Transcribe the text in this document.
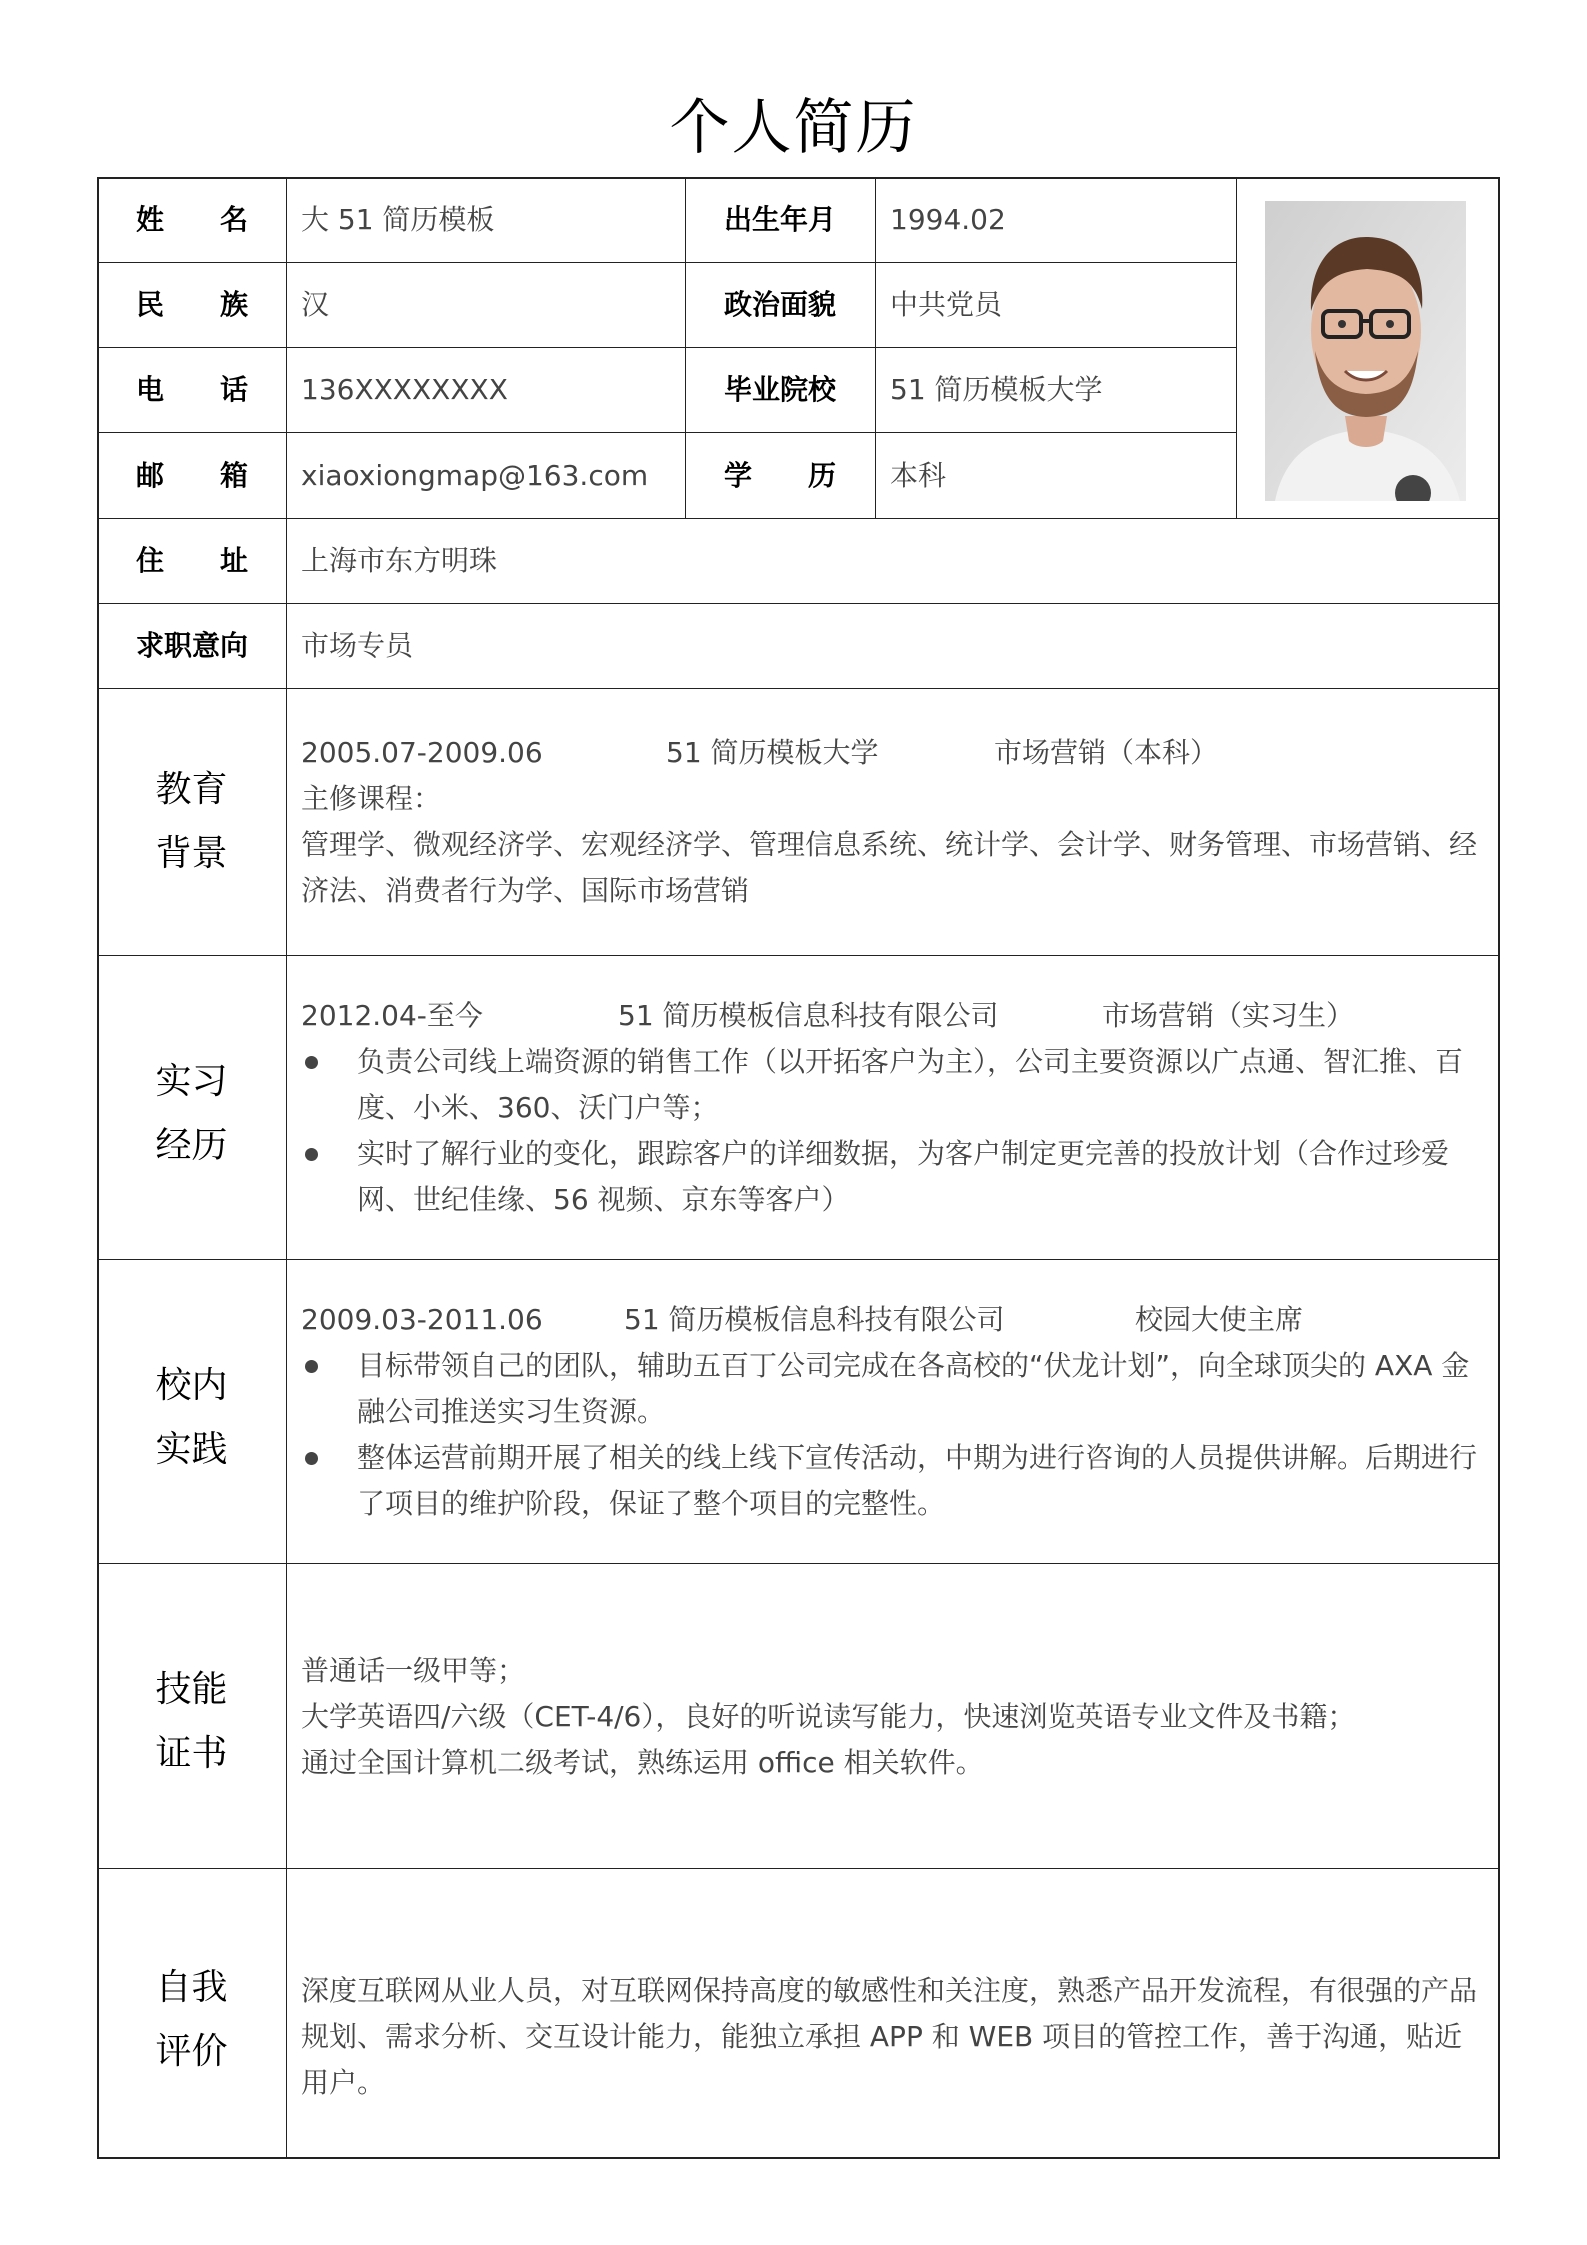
个人简历
姓 名 大 51 简历模板	出生年月 1994.02
民 族 汉	政治面貌 中共党员
电 话 136XXXXXXXX	毕业院校 51 简历模板大学
邮 箱 xiaoxiongmap@163.com	学 历 本科
住 址 上海市东方明珠
求职意向 市场专员
教育
背景
2005.07-2009.06	51 简历模板大学	市场营销（本科）
主修课程：
管理学、微观经济学、宏观经济学、管理信息系统、统计学、会计学、财务管理、市场营销、经济法、消费者行为学、国际市场营销
实习
经历
2012.04-至今	51 简历模板信息科技有限公司	市场营销（实习生）
负责公司线上端资源的销售工作（以开拓客户为主），公司主要资源以广点通、智汇推、百度、小米、360、沃门户等；
实时了解行业的变化，跟踪客户的详细数据，为客户制定更完善的投放计划（合作过珍爱网、世纪佳缘、56 视频、京东等客户）
校内
实践
2009.03-2011.06	51 简历模板信息科技有限公司	校园大使主席
目标带领自己的团队，辅助五百丁公司完成在各高校的“伏龙计划”，向全球顶尖的 AXA 金融公司推送实习生资源。
整体运营前期开展了相关的线上线下宣传活动，中期为进行咨询的人员提供讲解。后期进行了项目的维护阶段，保证了整个项目的完整性。
技能
证书
普通话一级甲等；
大学英语四/六级（CET-4/6），良好的听说读写能力，快速浏览英语专业文件及书籍；
通过全国计算机二级考试，熟练运用 office 相关软件。
自我
评价
深度互联网从业人员，对互联网保持高度的敏感性和关注度，熟悉产品开发流程，有很强的产品规划、需求分析、交互设计能力，能独立承担 APP 和 WEB 项目的管控工作，善于沟通，贴近用户。
